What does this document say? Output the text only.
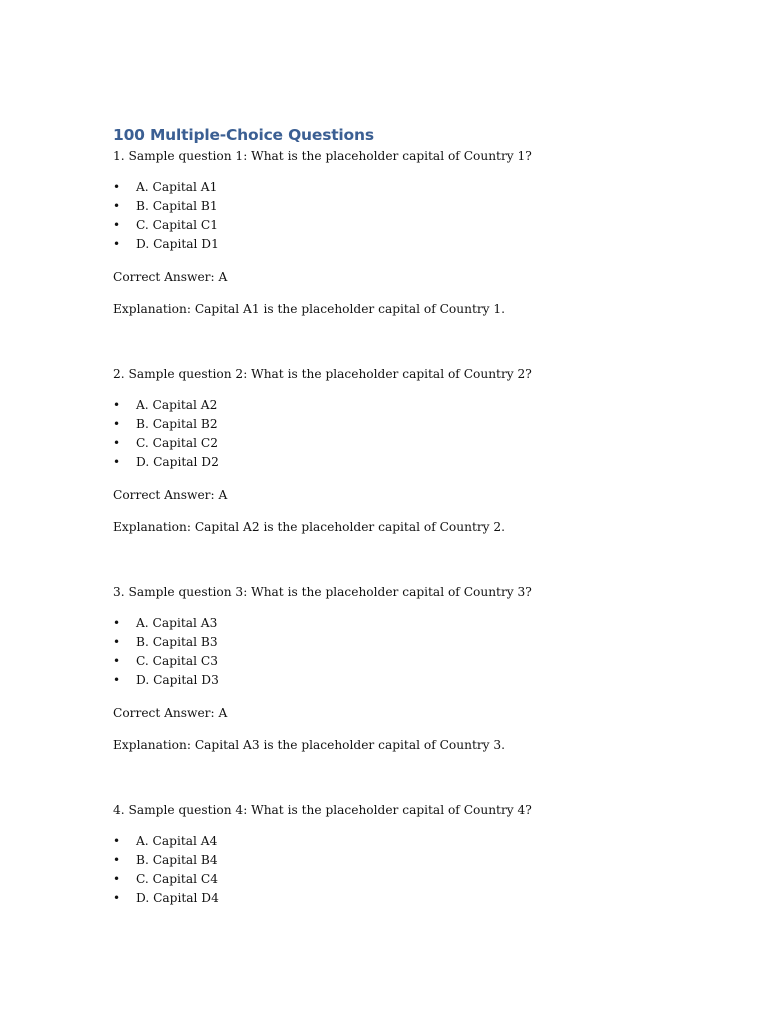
100 Multiple-Choice Questions

1. Sample question 1: What is the placeholder capital of Country 1?

• A. Capital A1
• B. Capital B1
• C. Capital C1
• D. Capital D1

Correct Answer: A

Explanation: Capital A1 is the placeholder capital of Country 1.

2. Sample question 2: What is the placeholder capital of Country 2?

• A. Capital A2
• B. Capital B2
• C. Capital C2
• D. Capital D2

Correct Answer: A

Explanation: Capital A2 is the placeholder capital of Country 2.

3. Sample question 3: What is the placeholder capital of Country 3?

• A. Capital A3
• B. Capital B3
• C. Capital C3
• D. Capital D3

Correct Answer: A

Explanation: Capital A3 is the placeholder capital of Country 3.

4. Sample question 4: What is the placeholder capital of Country 4?

• A. Capital A4
• B. Capital B4
• C. Capital C4
• D. Capital D4
